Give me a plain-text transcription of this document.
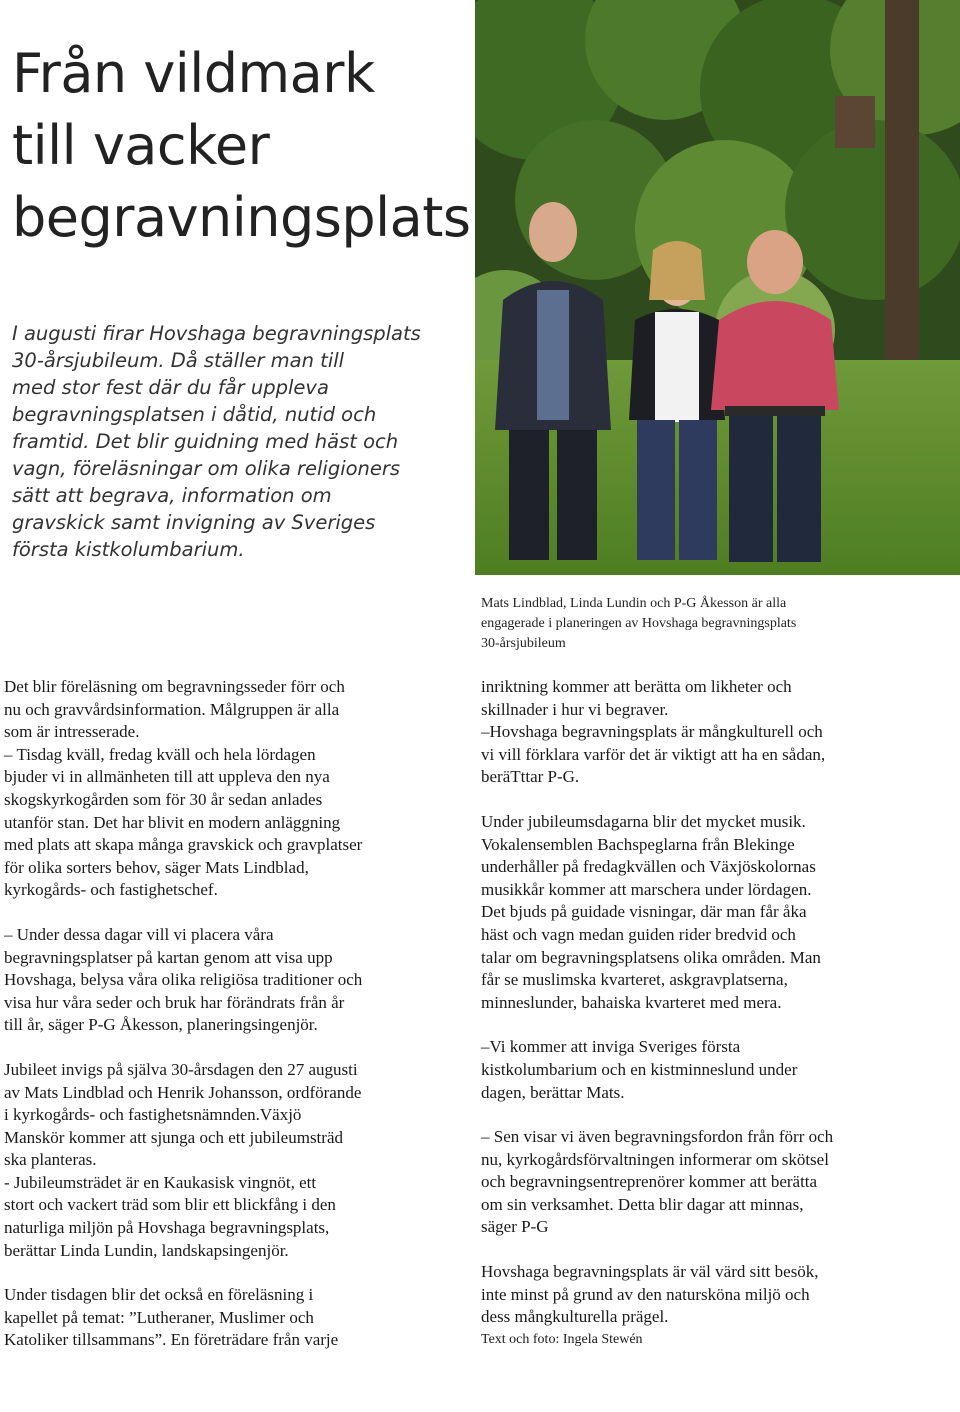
Från vildmark
till vacker
begravningsplats
I augusti firar Hovshaga begravningsplats
30-årsjubileum. Då ställer man till
med stor fest där du får uppleva
begravningsplatsen i dåtid, nutid och
framtid. Det blir guidning med häst och
vagn, föreläsningar om olika religioners
sätt att begrava, information om
gravskick samt invigning av Sveriges
första kistkolumbarium.
Mats Lindblad, Linda Lundin och P-G Åkesson är alla
engagerade i planeringen av Hovshaga begravningsplats
30-årsjubileum

Det blir föreläsning om begravningsseder förr och
nu och gravvårdsinformation. Målgruppen är alla
som är intresserade.
– Tisdag kväll, fredag kväll och hela lördagen
bjuder vi in allmänheten till att uppleva den nya
skogskyrkogården som för 30 år sedan anlades
utanför stan. Det har blivit en modern anläggning
med plats att skapa många gravskick och gravplatser
för olika sorters behov, säger Mats Lindblad,
kyrkogårds- och fastighetschef.

– Under dessa dagar vill vi placera våra
begravningsplatser på kartan genom att visa upp
Hovshaga, belysa våra olika religiösa traditioner och
visa hur våra seder och bruk har förändrats från år
till år, säger P-G Åkesson, planeringsingenjör.

Jubileet invigs på själva 30-årsdagen den 27 augusti
av Mats Lindblad och Henrik Johansson, ordförande
i kyrkogårds- och fastighetsnämnden.Växjö
Manskör kommer att sjunga och ett jubileumsträd
ska planteras.
- Jubileumsträdet är en Kaukasisk vingnöt, ett
stort och vackert träd som blir ett blickfång i den
naturliga miljön på Hovshaga begravningsplats,
berättar Linda Lundin, landskapsingenjör.

Under tisdagen blir det också en föreläsning i
kapellet på temat: ”Lutheraner, Muslimer och
Katoliker tillsammans”. En företrädare från varje

inriktning kommer att berätta om likheter och
skillnader i hur vi begraver.
–Hovshaga begravningsplats är mångkulturell och
vi vill förklara varför det är viktigt att ha en sådan,
beräTttar P-G.

Under jubileumsdagarna blir det mycket musik.
Vokalensemblen Bachspeglarna från Blekinge
underhåller på fredagkvällen och Växjöskolornas
musikkår kommer att marschera under lördagen.
Det bjuds på guidade visningar, där man får åka
häst och vagn medan guiden rider bredvid och
talar om begravningsplatsens olika områden. Man
får se muslimska kvarteret, askgravplatserna,
minneslunder, bahaiska kvarteret med mera.

–Vi kommer att inviga Sveriges första
kistkolumbarium och en kistminneslund under
dagen, berättar Mats.

– Sen visar vi även begravningsfordon från förr och
nu, kyrkogårdsförvaltningen informerar om skötsel
och begravningsentreprenörer kommer att berätta
om sin verksamhet. Detta blir dagar att minnas,
säger P-G

Hovshaga begravningsplats är väl värd sitt besök,
inte minst på grund av den natursköna miljö och
dess mångkulturella prägel.

Text och foto: Ingela Stewén
